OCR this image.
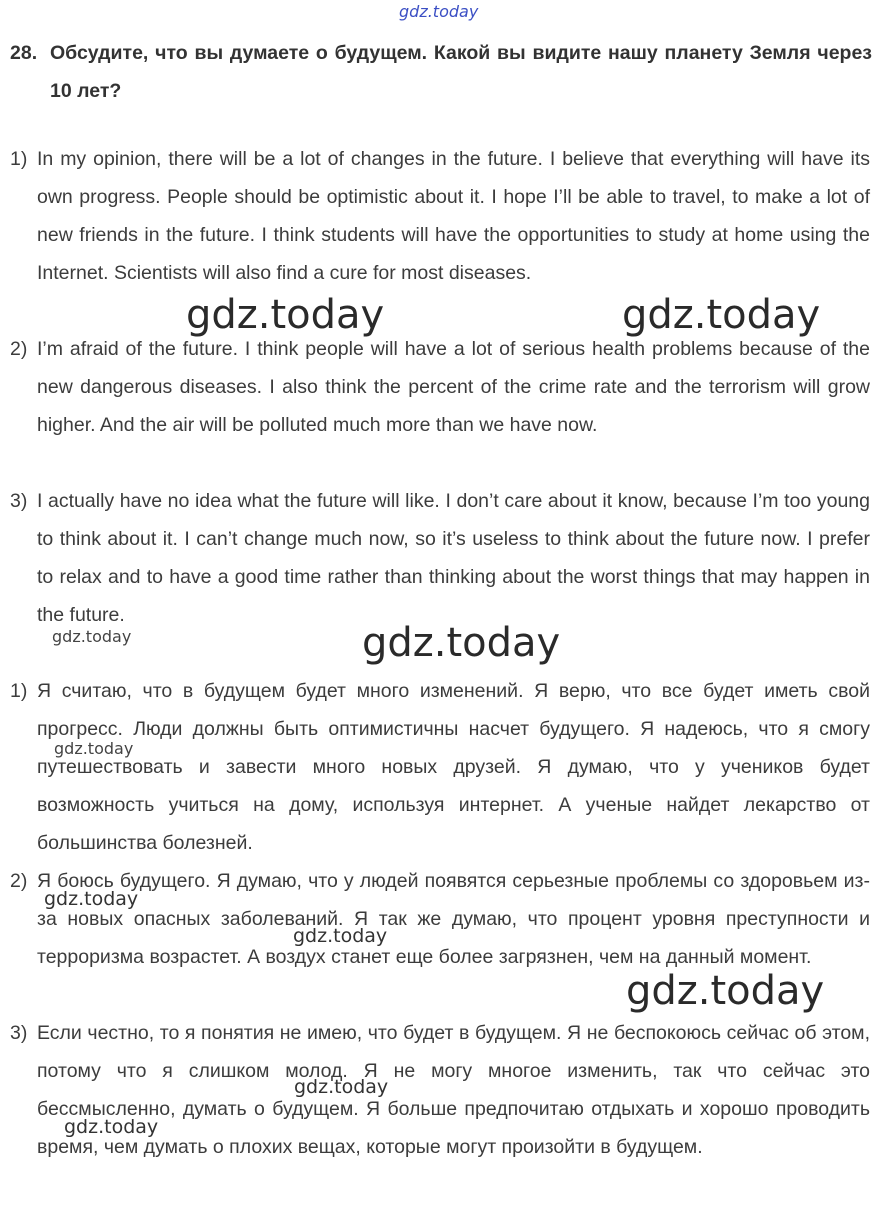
gdz.today
28. Обсудите, что вы думаете о будущем. Какой вы видите нашу планету Земля через 10 лет?
1) In my opinion, there will be a lot of changes in the future. I believe that everything will have its own progress. People should be optimistic about it. I hope I’ll be able to travel, to make a lot of new friends in the future. I think students will have the opportunities to study at home using the Internet. Scientists will also find a cure for most diseases.
2) I’m afraid of the future. I think people will have a lot of serious health problems because of the new dangerous diseases. I also think the percent of the crime rate and the terrorism will grow higher. And the air will be polluted much more than we have now.
3) I actually have no idea what the future will like. I don’t care about it know, because I’m too young to think about it. I can’t change much now, so it’s useless to think about the future now. I prefer to relax and to have a good time rather than thinking about the worst things that may happen in the future.
1) Я считаю, что в будущем будет много изменений. Я верю, что все будет иметь свой прогресс. Люди должны быть оптимистичны насчет будущего. Я надеюсь, что я смогу путешествовать и завести много новых друзей. Я думаю, что у учеников будет возможность учиться на дому, используя интернет. А ученые найдет лекарство от большинства болезней.
2) Я боюсь будущего. Я думаю, что у людей появятся серьезные проблемы со здоровьем из-за новых опасных заболеваний. Я так же думаю, что процент уровня преступности и терроризма возрастет. А воздух станет еще более загрязнен, чем на данный момент.
3) Если честно, то я понятия не имею, что будет в будущем. Я не беспокоюсь сейчас об этом, потому что я слишком молод. Я не могу многое изменить, так что сейчас это бессмысленно, думать о будущем. Я больше предпочитаю отдыхать и хорошо проводить время, чем думать о плохих вещах, которые могут произойти в будущем.
gdz.today	gdz.today
gdz.today
gdz.today
gdz.today
gdz.today
gdz.today
gdz.today
gdz.today
gdz.today
